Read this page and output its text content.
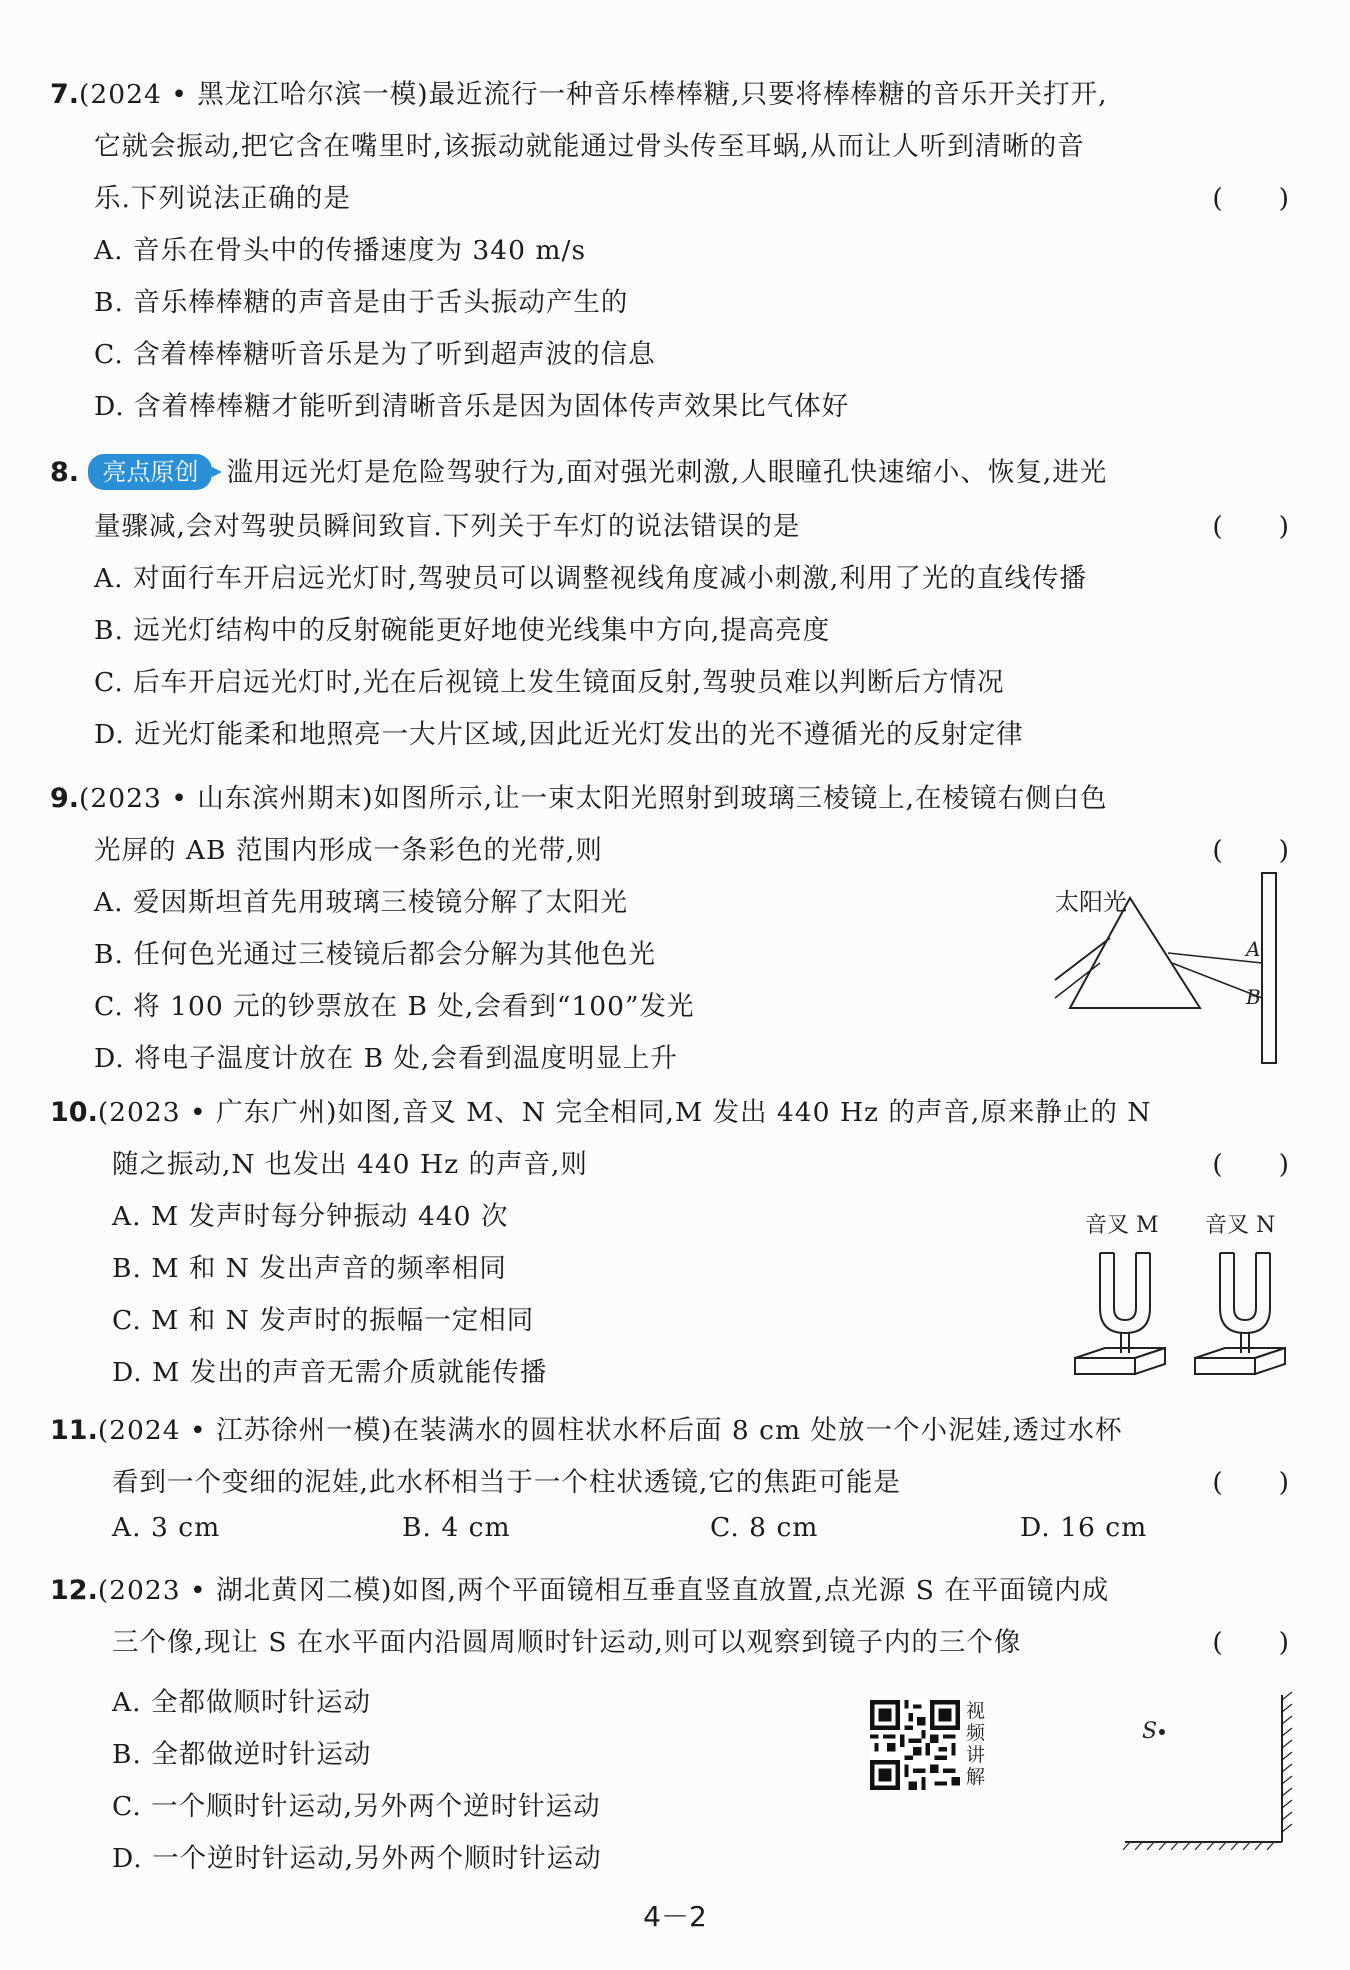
7.(2024 • 黑龙江哈尔滨一模)最近流行一种音乐棒棒糖,只要将棒棒糖的音乐开关打开,
它就会振动,把它含在嘴里时,该振动就能通过骨头传至耳蜗,从而让人听到清晰的音
乐.下列说法正确的是	(　　)
A. 音乐在骨头中的传播速度为 340 m/s
B. 音乐棒棒糖的声音是由于舌头振动产生的
C. 含着棒棒糖听音乐是为了听到超声波的信息
D. 含着棒棒糖才能听到清晰音乐是因为固体传声效果比气体好
8. 亮点原创 滥用远光灯是危险驾驶行为,面对强光刺激,人眼瞳孔快速缩小、恢复,进光
量骤减,会对驾驶员瞬间致盲.下列关于车灯的说法错误的是	(　　)
A. 对面行车开启远光灯时,驾驶员可以调整视线角度减小刺激,利用了光的直线传播
B. 远光灯结构中的反射碗能更好地使光线集中方向,提高亮度
C. 后车开启远光灯时,光在后视镜上发生镜面反射,驾驶员难以判断后方情况
D. 近光灯能柔和地照亮一大片区域,因此近光灯发出的光不遵循光的反射定律
9.(2023 • 山东滨州期末)如图所示,让一束太阳光照射到玻璃三棱镜上,在棱镜右侧白色
光屏的 AB 范围内形成一条彩色的光带,则	(　　)
A. 爱因斯坦首先用玻璃三棱镜分解了太阳光
B. 任何色光通过三棱镜后都会分解为其他色光
C. 将 100 元的钞票放在 B 处,会看到“100”发光
D. 将电子温度计放在 B 处,会看到温度明显上升
太阳光
A
B
10.(2023 • 广东广州)如图,音叉 M、N 完全相同,M 发出 440 Hz 的声音,原来静止的 N
随之振动,N 也发出 440 Hz 的声音,则	(　　)
A. M 发声时每分钟振动 440 次
B. M 和 N 发出声音的频率相同
C. M 和 N 发声时的振幅一定相同
D. M 发出的声音无需介质就能传播
音叉 M 音叉 N
11.(2024 • 江苏徐州一模)在装满水的圆柱状水杯后面 8 cm 处放一个小泥娃,透过水杯
看到一个变细的泥娃,此水杯相当于一个柱状透镜,它的焦距可能是	(　　)
A. 3 cm	B. 4 cm	C. 8 cm	D. 16 cm
12.(2023 • 湖北黄冈二模)如图,两个平面镜相互垂直竖直放置,点光源 S 在平面镜内成
三个像,现让 S 在水平面内沿圆周顺时针运动,则可以观察到镜子内的三个像	(　　)
A. 全都做顺时针运动
B. 全都做逆时针运动
C. 一个顺时针运动,另外两个逆时针运动
D. 一个逆时针运动,另外两个顺时针运动
视
频
讲
解
S
4－2
